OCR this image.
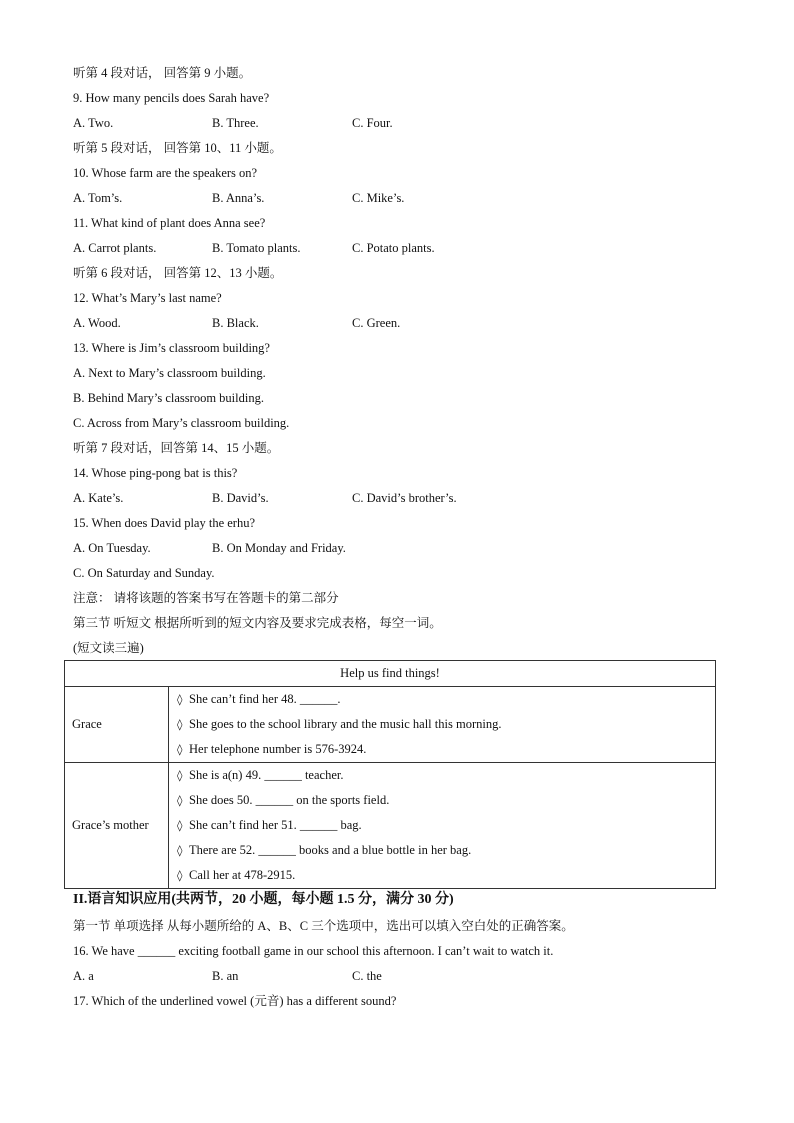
听第 4 段对话， 回答第 9 小题。
9. How many pencils does Sarah have?
A. Two.	B. Three.	C. Four.
听第 5 段对话， 回答第 10、11 小题。
10. Whose farm are the speakers on?
A. Tom’s.	B. Anna’s.	C. Mike’s.
11. What kind of plant does Anna see?
A. Carrot plants.	B. Tomato plants.	C. Potato plants.
听第 6 段对话， 回答第 12、13 小题。
12. What’s Mary’s last name?
A. Wood.	B. Black.	C. Green.
13. Where is Jim’s classroom building?
A. Next to Mary’s classroom building.
B. Behind Mary’s classroom building.
C. Across from Mary’s classroom building.
听第 7 段对话，回答第 14、15 小题。
14. Whose ping-pong bat is this?
A. Kate’s.	B. David’s.	C. David’s brother’s.
15. When does David play the erhu?
A. On Tuesday.	B. On Monday and Friday.
C. On Saturday and Sunday.
注意： 请将该题的答案书写在答题卡的第二部分
第三节 听短文 根据所听到的短文内容及要求完成表格，每空一词。
(短文读三遍)
Help us find things!	
Grace	◊ She can’t find her 48. ______.
◊ She goes to the school library and the music hall this morning.
◊ Her telephone number is 576-3924.

Grace’s mother	◊ She is a(n) 49. ______ teacher.
◊ She does 50. ______ on the sports field.
◊ She can’t find her 51. ______ bag.
◊ There are 52. ______ books and a blue bottle in her bag.
◊ Call her at 478-2915.
II.语言知识应用(共两节，20 小题，每小题 1.5 分，满分 30 分)
第一节 单项选择 从每小题所给的 A、B、C 三个选项中，选出可以填入空白处的正确答案。
16. We have ______ exciting football game in our school this afternoon. I can’t wait to watch it.
A. a	B. an	C. the
17. Which of the underlined vowel (元音) has a different sound?
